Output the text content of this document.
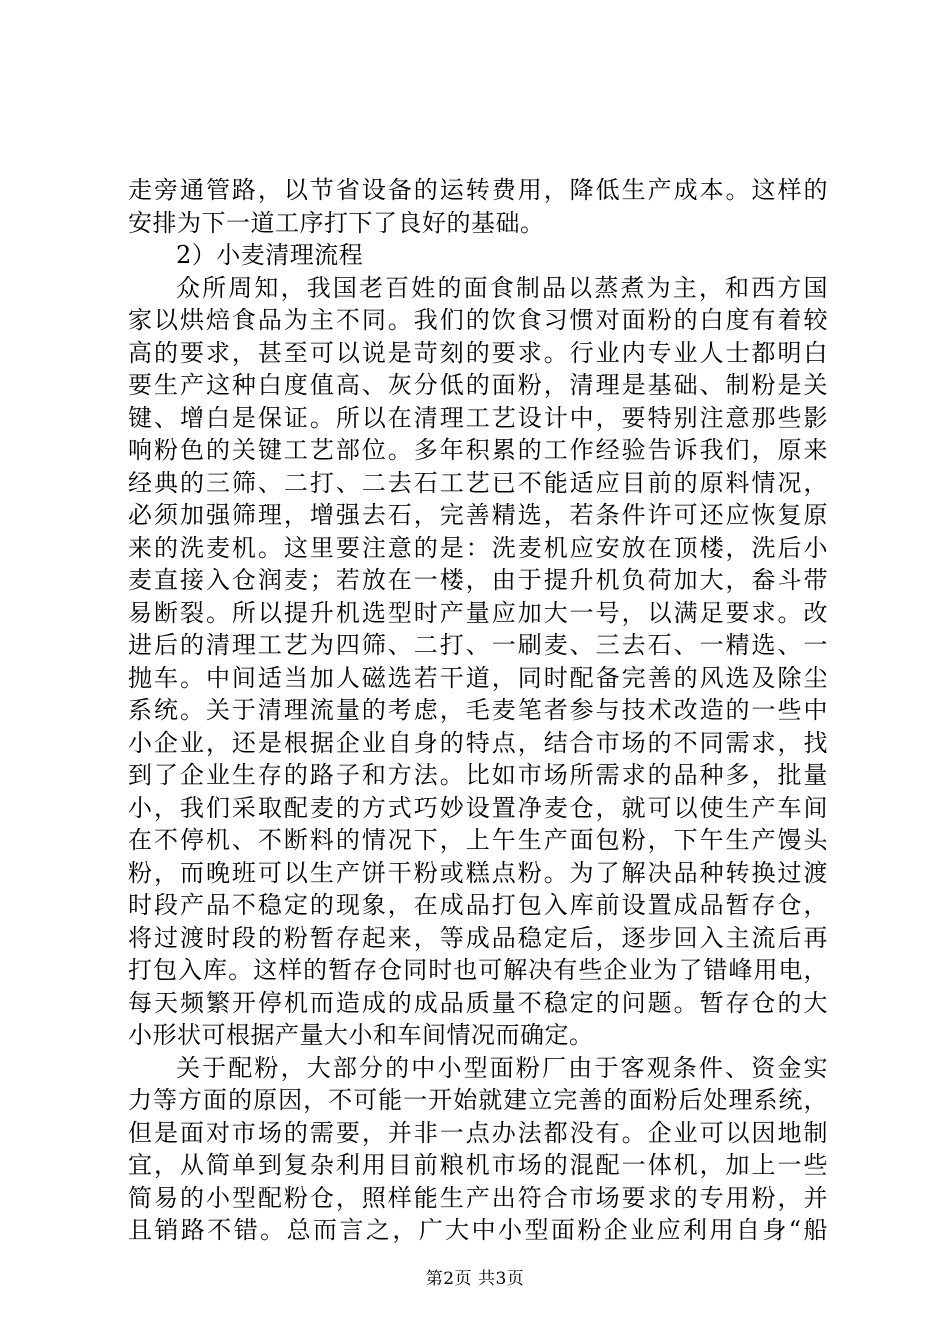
走旁通管路，以节省设备的运转费用，降低生产成本。这样的
安排为下一道工序打下了良好的基础。
2）小麦清理流程
众所周知，我国老百姓的面食制品以蒸煮为主，和西方国
家以烘焙食品为主不同。我们的饮食习惯对面粉的白度有着较
高的要求，甚至可以说是苛刻的要求。行业内专业人士都明白
要生产这种白度值高、灰分低的面粉，清理是基础、制粉是关
键、增白是保证。所以在清理工艺设计中，要特别注意那些影
响粉色的关键工艺部位。多年积累的工作经验告诉我们，原来
经典的三筛、二打、二去石工艺已不能适应目前的原料情况，
必须加强筛理，增强去石，完善精选，若条件许可还应恢复原
来的洗麦机。这里要注意的是：洗麦机应安放在顶楼，洗后小
麦直接入仓润麦；若放在一楼，由于提升机负荷加大，畚斗带
易断裂。所以提升机选型时产量应加大一号，以满足要求。改
进后的清理工艺为四筛、二打、一刷麦、三去石、一精选、一
抛车。中间适当加人磁选若干道，同时配备完善的风选及除尘
系统。关于清理流量的考虑，毛麦笔者参与技术改造的一些中
小企业，还是根据企业自身的特点，结合市场的不同需求，找
到了企业生存的路子和方法。比如市场所需求的品种多，批量
小，我们采取配麦的方式巧妙设置净麦仓，就可以使生产车间
在不停机、不断料的情况下，上午生产面包粉，下午生产馒头
粉，而晚班可以生产饼干粉或糕点粉。为了解决品种转换过渡
时段产品不稳定的现象，在成品打包入库前设置成品暂存仓，
将过渡时段的粉暂存起来，等成品稳定后，逐步回入主流后再
打包入库。这样的暂存仓同时也可解决有些企业为了错峰用电，
每天频繁开停机而造成的成品质量不稳定的问题。暂存仓的大
小形状可根据产量大小和车间情况而确定。
关于配粉，大部分的中小型面粉厂由于客观条件、资金实
力等方面的原因，不可能一开始就建立完善的面粉后处理系统，
但是面对市场的需要，并非一点办法都没有。企业可以因地制
宜，从简单到复杂利用目前粮机市场的混配一体机，加上一些
简易的小型配粉仓，照样能生产出符合市场要求的专用粉，并
且销路不错。总而言之，广大中小型面粉企业应利用自身“船
第2页 共3页
